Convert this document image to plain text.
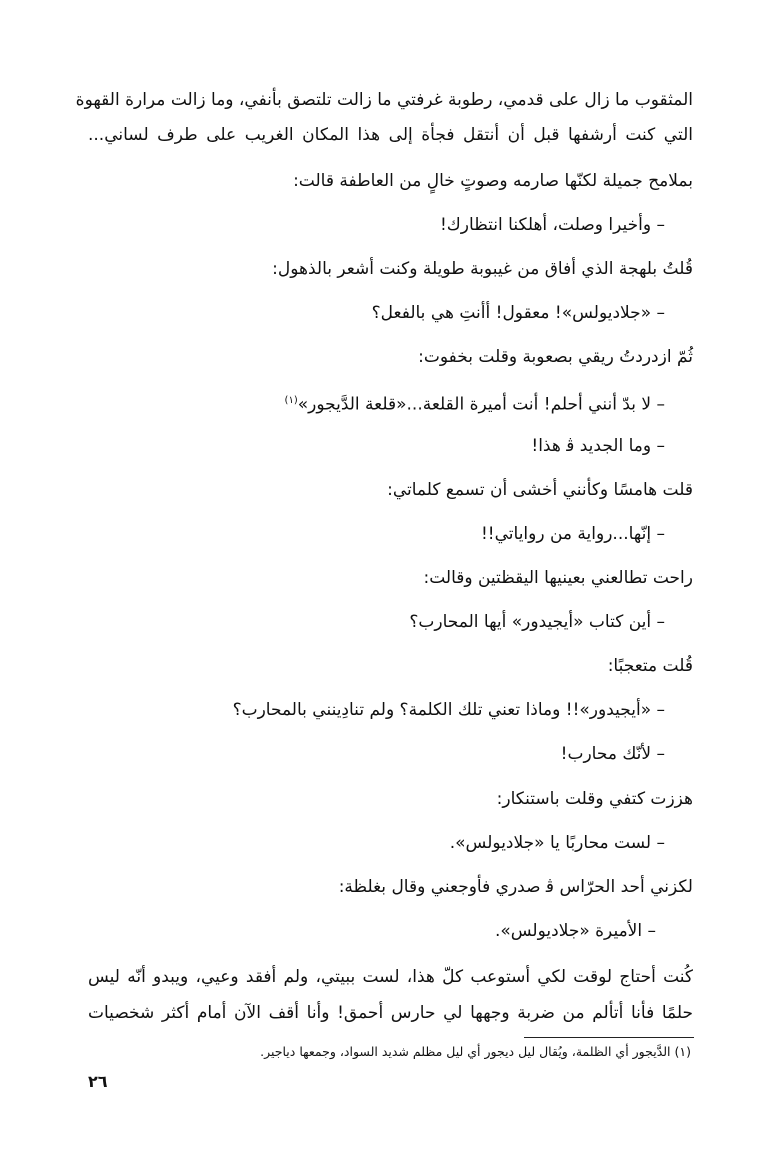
المثقوب ما زال على قدمي، رطوبة غرفتي ما زالت تلتصق بأنفي، وما زالت مرارة القهوة
التي كنت أرشفها قبل أن أنتقل فجأة إلى هذا المكان الغريب على طرف لساني...
بملامح جميلة لكنّها صارمه وصوتٍ خالٍ من العاطفة قالت:
– وأخيرا وصلت، أهلكنا انتظارك!
قُلتُ بلهجة الذي أفاق من غيبوبة طويلة وكنت أشعر بالذهول:
– «جلاديولس»! معقول! أأنتِ هي بالفعل؟
ثُمّ ازدردتُ ريقي بصعوبة وقلت بخفوت:
– لا بدّ أنني أحلم! أنت أميرة القلعة...«قلعة الدَّيجور»$^{(١)}$
– وما الجديد ﭬ هذا!
قلت هامسًا وكأنني أخشى أن تسمع كلماتي:
– إنّها...رواية من رواياتي!!
راحت تطالعني بعينيها اليقظتين وقالت:
– أين كتاب «أيجيدور» أيها المحارب؟
قُلت متعجبًا:
– «أيجيدور»!! وماذا تعني تلك الكلمة؟ ولم تنادِينني بالمحارب؟
– لأنّك محارب!
هززت كتفي وقلت باستنكار:
– لست محاربًا يا «جلاديولس».
لكزني أحد الحرّاس ﭬ صدري فأوجعني وقال بغلظة:
– الأميرة «جلاديولس».
كُنت أحتاج لوقت لكي أستوعب كلّ هذا، لست ببيتي، ولم أفقد وعيي، ويبدو أنّه ليس
حلمًا فأنا أتألم من ضربة وجهها لي حارس أحمق! وأنا أقف الآن أمام أكثر شخصيات
(١) الدَّيجور أي الظلمة، ويُقال ليل ديجور أي ليل مظلم شديد السواد، وجمعها دياجير.
٢٦
